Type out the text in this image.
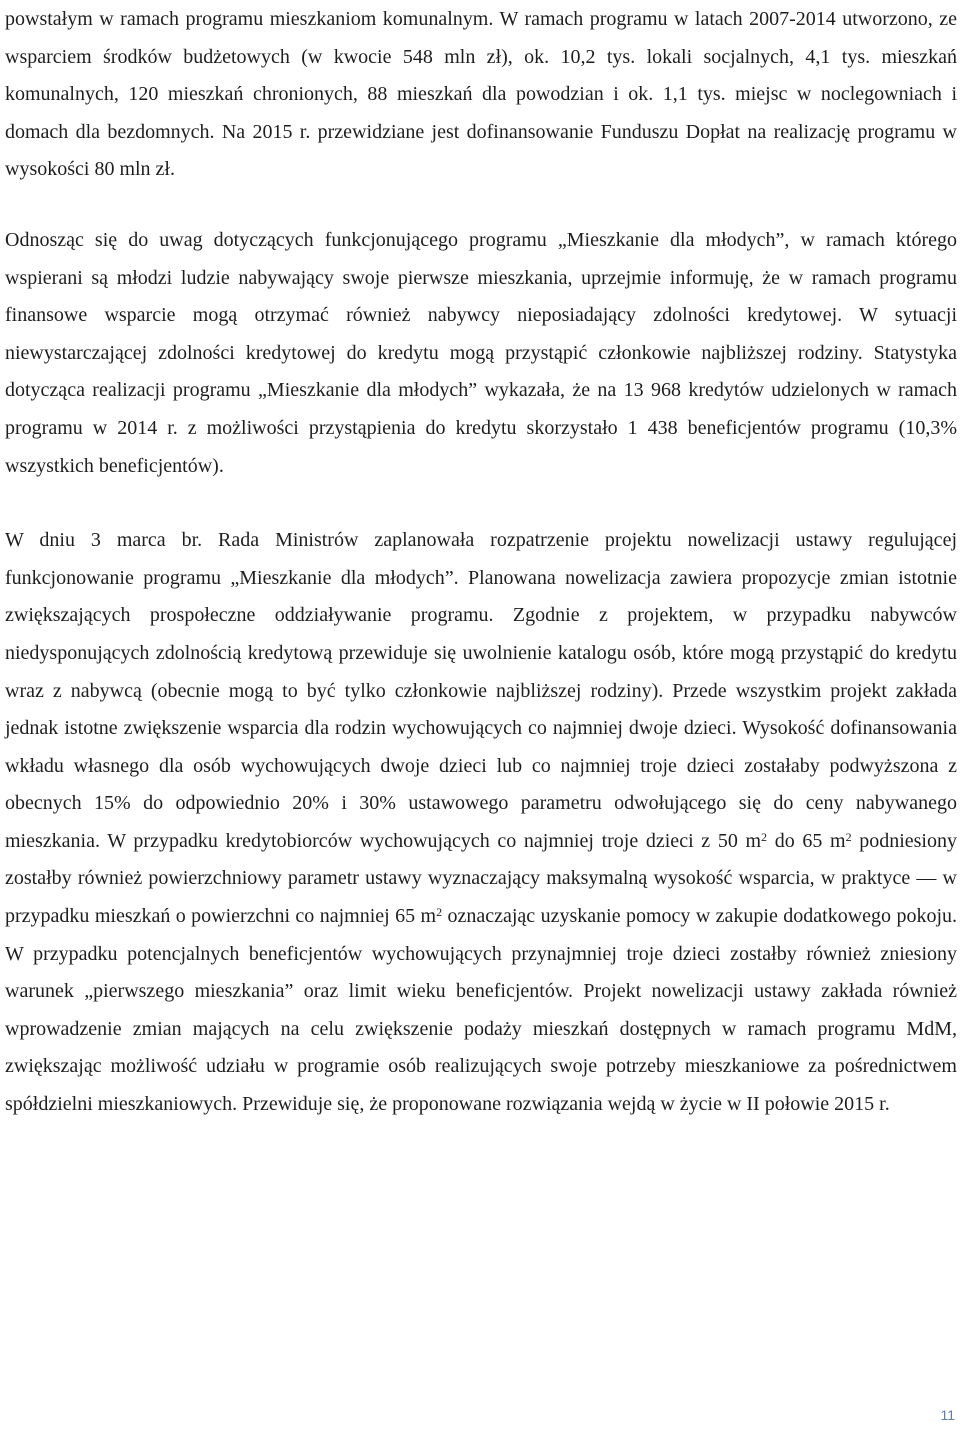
powstałym w ramach programu mieszkaniom komunalnym. W ramach programu w latach 2007-2014 utworzono, ze wsparciem środków budżetowych (w kwocie 548 mln zł), ok. 10,2 tys. lokali socjalnych, 4,1 tys. mieszkań komunalnych, 120 mieszkań chronionych, 88 mieszkań dla powodzian i ok. 1,1 tys. miejsc w noclegowniach i domach dla bezdomnych. Na 2015 r. przewidziane jest dofinansowanie Funduszu Dopłat na realizację programu w wysokości 80 mln zł.

Odnosząc się do uwag dotyczących funkcjonującego programu „Mieszkanie dla młodych”, w ramach którego wspierani są młodzi ludzie nabywający swoje pierwsze mieszkania, uprzejmie informuję, że w ramach programu finansowe wsparcie mogą otrzymać również nabywcy nieposiadający zdolności kredytowej. W sytuacji niewystarczającej zdolności kredytowej do kredytu mogą przystąpić członkowie najbliższej rodziny. Statystyka dotycząca realizacji programu „Mieszkanie dla młodych” wykazała, że na 13 968 kredytów udzielonych w ramach programu w 2014 r. z możliwości przystąpienia do kredytu skorzystało 1 438 beneficjentów programu (10,3% wszystkich beneficjentów).

W dniu 3 marca br. Rada Ministrów zaplanowała rozpatrzenie projektu nowelizacji ustawy regulującej funkcjonowanie programu „Mieszkanie dla młodych”. Planowana nowelizacja zawiera propozycje zmian istotnie zwiększających prospołeczne oddziaływanie programu. Zgodnie z projektem, w przypadku nabywców niedysponujących zdolnością kredytową przewiduje się uwolnienie katalogu osób, które mogą przystąpić do kredytu wraz z nabywcą (obecnie mogą to być tylko członkowie najbliższej rodziny). Przede wszystkim projekt zakłada jednak istotne zwiększenie wsparcia dla rodzin wychowujących co najmniej dwoje dzieci. Wysokość dofinansowania wkładu własnego dla osób wychowujących dwoje dzieci lub co najmniej troje dzieci zostałaby podwyższona z obecnych 15% do odpowiednio 20% i 30% ustawowego parametru odwołującego się do ceny nabywanego mieszkania. W przypadku kredytobiorców wychowujących co najmniej troje dzieci z 50 $m^2$ do 65 $m^2$ podniesiony zostałby również powierzchniowy parametr ustawy wyznaczający maksymalną wysokość wsparcia, w praktyce — w przypadku mieszkań o powierzchni co najmniej 65 $m^2$ oznaczając uzyskanie pomocy w zakupie dodatkowego pokoju. W przypadku potencjalnych beneficjentów wychowujących przynajmniej troje dzieci zostałby również zniesiony warunek „pierwszego mieszkania” oraz limit wieku beneficjentów. Projekt nowelizacji ustawy zakłada również wprowadzenie zmian mających na celu zwiększenie podaży mieszkań dostępnych w ramach programu MdM, zwiększając możliwość udziału w programie osób realizujących swoje potrzeby mieszkaniowe za pośrednictwem spółdzielni mieszkaniowych. Przewiduje się, że proponowane rozwiązania wejdą w życie w II połowie 2015 r.

11
